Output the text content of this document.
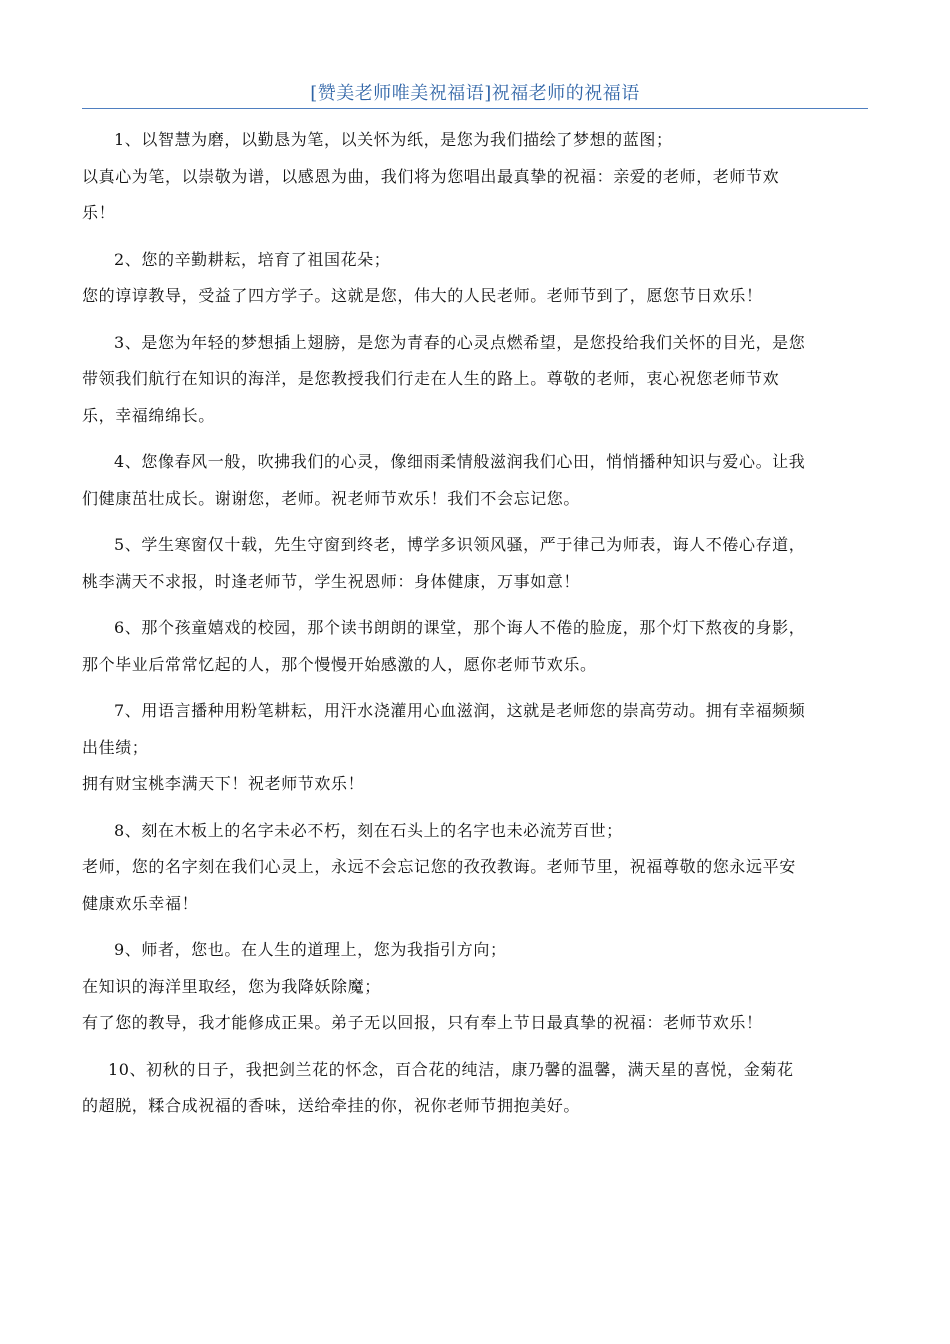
[赞美老师唯美祝福语]祝福老师的祝福语
1、以智慧为磨，以勤恳为笔，以关怀为纸，是您为我们描绘了梦想的蓝图；
以真心为笔，以崇敬为谱，以感恩为曲，我们将为您唱出最真挚的祝福：亲爱的老师，老师节欢
乐！
2、您的辛勤耕耘，培育了祖国花朵；
您的谆谆教导，受益了四方学子。这就是您，伟大的人民老师。老师节到了，愿您节日欢乐！
3、是您为年轻的梦想插上翅膀，是您为青春的心灵点燃希望，是您投给我们关怀的目光，是您
带领我们航行在知识的海洋，是您教授我们行走在人生的路上。尊敬的老师，衷心祝您老师节欢
乐，幸福绵绵长。
4、您像春风一般，吹拂我们的心灵，像细雨柔情般滋润我们心田，悄悄播种知识与爱心。让我
们健康茁壮成长。谢谢您，老师。祝老师节欢乐！我们不会忘记您。
5、学生寒窗仅十载，先生守窗到终老，博学多识领风骚，严于律己为师表，诲人不倦心存道，
桃李满天不求报，时逢老师节，学生祝恩师：身体健康，万事如意！
6、那个孩童嬉戏的校园，那个读书朗朗的课堂，那个诲人不倦的脸庞，那个灯下熬夜的身影，
那个毕业后常常忆起的人，那个慢慢开始感激的人，愿你老师节欢乐。
7、用语言播种用粉笔耕耘，用汗水浇灌用心血滋润，这就是老师您的崇高劳动。拥有幸福频频
出佳绩；
拥有财宝桃李满天下！祝老师节欢乐！
8、刻在木板上的名字未必不朽，刻在石头上的名字也未必流芳百世；
老师，您的名字刻在我们心灵上，永远不会忘记您的孜孜教诲。老师节里，祝福尊敬的您永远平安
健康欢乐幸福！
9、师者，您也。在人生的道理上，您为我指引方向；
在知识的海洋里取经，您为我降妖除魔；
有了您的教导，我才能修成正果。弟子无以回报，只有奉上节日最真挚的祝福：老师节欢乐！
10、初秋的日子，我把剑兰花的怀念，百合花的纯洁，康乃馨的温馨，满天星的喜悦，金菊花
的超脱，糅合成祝福的香味，送给牵挂的你，祝你老师节拥抱美好。
